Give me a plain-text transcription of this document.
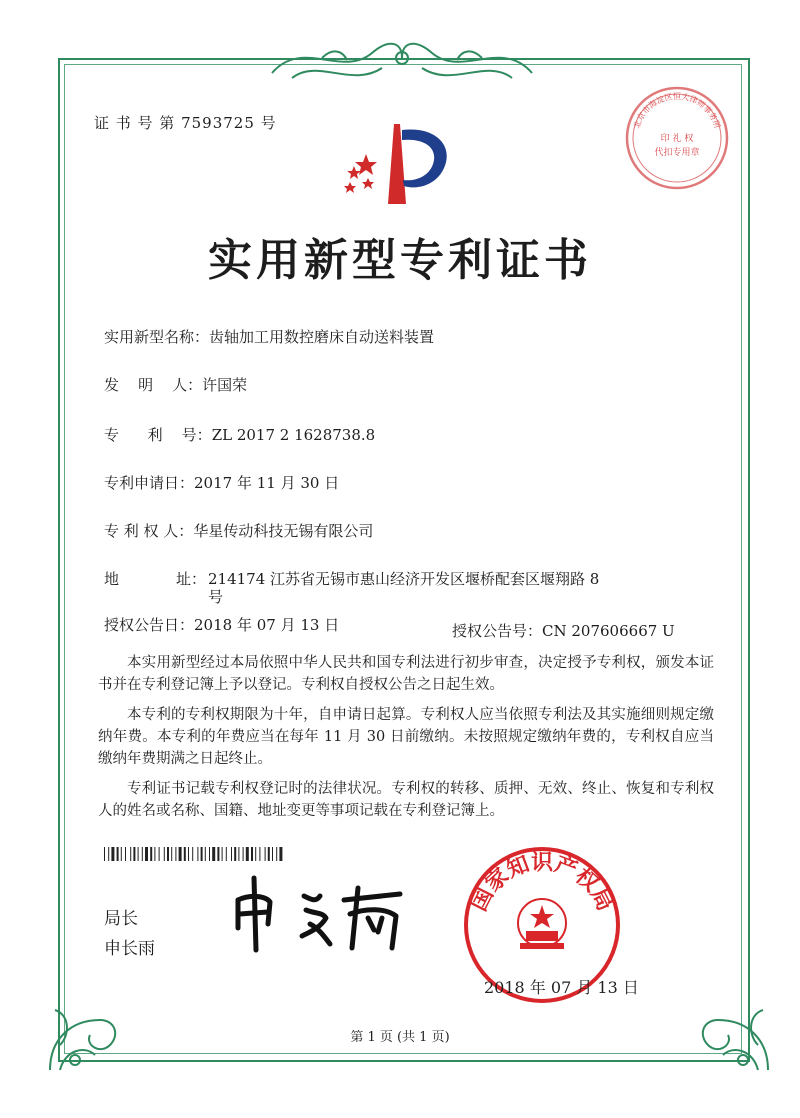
证 书 号 第 7593725 号	北京市海淀区恒大律师事务所
印 礼 权
代扣专用章
实用新型专利证书
实用新型名称：齿轴加工用数控磨床自动送料装置
发    明    人：许国荣
专      利    号：ZL 2017 2 1628738.8
专利申请日：2017 年 11 月 30 日
专 利 权 人：华星传动科技无锡有限公司
地	址： 214174 江苏省无锡市惠山经济开发区堰桥配套区堰翔路 8
号
授权公告日：2018 年 07 月 13 日	授权公告号：CN 207606667 U

本实用新型经过本局依照中华人民共和国专利法进行初步审查，决定授予专利权，颁发本证书并在专利登记簿上予以登记。专利权自授权公告之日起生效。

本专利的专利权期限为十年，自申请日起算。专利权人应当依照专利法及其实施细则规定缴纳年费。本专利的年费应当在每年 11 月 30 日前缴纳。未按照规定缴纳年费的，专利权自应当缴纳年费期满之日起终止。

专利证书记载专利权登记时的法律状况。专利权的转移、质押、无效、终止、恢复和专利权人的姓名或名称、国籍、地址变更等事项记载在专利登记簿上。

局长
申长雨
国家知识产权局
2018 年 07 月 13 日
第 1 页 (共 1 页)
